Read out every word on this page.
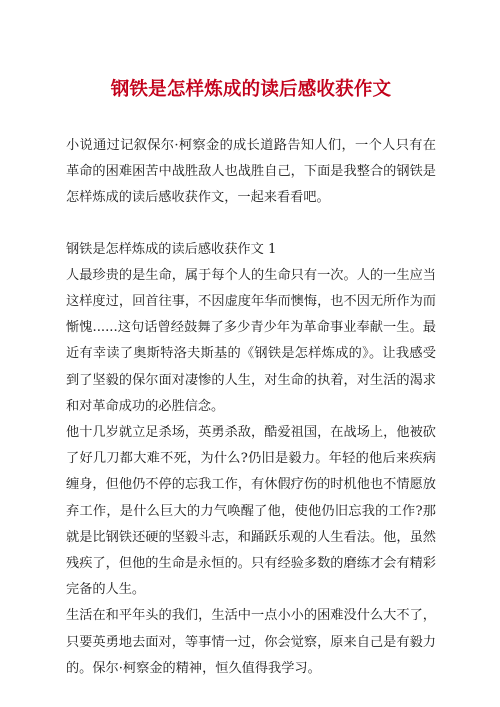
钢铁是怎样炼成的读后感收获作文

小说通过记叙保尔·柯察金的成长道路告知人们，一个人只有在革命的困难困苦中战胜敌人也战胜自己，下面是我整合的钢铁是怎样炼成的读后感收获作文，一起来看看吧。

钢铁是怎样炼成的读后感收获作文 1

人最珍贵的是生命，属于每个人的生命只有一次。人的一生应当这样度过，回首往事，不因虚度年华而懊悔，也不因无所作为而惭愧......这句话曾经鼓舞了多少青少年为革命事业奉献一生。最近有幸读了奥斯特洛夫斯基的《钢铁是怎样炼成的》。让我感受到了坚毅的保尔面对凄惨的人生，对生命的执着，对生活的渴求和对革命成功的必胜信念。

他十几岁就立足杀场，英勇杀敌，酷爱祖国，在战场上，他被砍了好几刀都大难不死，为什么?仍旧是毅力。年轻的他后来疾病缠身，但他仍不停的忘我工作，有休假疗伤的时机他也不情愿放弃工作，是什么巨大的力气唤醒了他，使他仍旧忘我的工作?那就是比钢铁还硬的坚毅斗志，和踊跃乐观的人生看法。他，虽然残疾了，但他的生命是永恒的。只有经验多数的磨练才会有精彩完备的人生。

生活在和平年头的我们，生活中一点小小的困难没什么大不了，只要英勇地去面对，等事情一过，你会觉察，原来自己是有毅力的。保尔·柯察金的精神，恒久值得我学习。
